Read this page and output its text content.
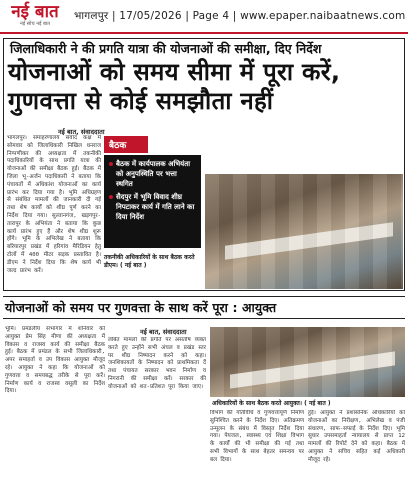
नई बात
नई सोच नई बात
भागलपुर | 17/05/2026 | Page 4 | www.epaper.naibaatnews.com
जिलाधिकारी ने की प्रगति यात्रा की योजनाओं की समीक्षा, दिए निर्देश
योजनाओं को समय सीमा में पूरा करें, गुणवत्ता से कोई समझौता नहीं
नई बात, संवाददाता
भागलपुर। समाहरणालय संवाद कक्ष में सोमवार को जिलाधिकारी निखिल धनराज निप्पणीकर की अध्यक्षता में तकनीकी पदाधिकारियों के साथ प्रगति यात्रा की योजनाओं की समीक्षा बैठक हुई। बैठक में जिला भू-अर्जन पदाधिकारी ने बताया कि पंचायतों में अधिकांश योजनाओं का कार्य प्रारंभ कर दिया गया है। भूमि अधिग्रहण से संबंधित मामलों की जानकारी दी गई तथा शेष कार्यों को शीघ्र पूर्ण करने का निर्देश दिया गया। सुल्तानगंज, खड़गपुर-तारापुर के अभियंता ने बताया कि कुछ कार्य प्रारंभ हुए हैं और शेष शीघ्र शुरू होंगे। भूमि के अभिलेख ने बताया कि बरियारपुर प्रखंड में हरिगांव मैरिडियन हेतु टोलों में 400 मीटर सड़क प्रस्तावित है। डीएम ने निर्देश दिया कि शेष कार्य भी जल्द प्रारंभ करें।
बैठक
बैठक में कार्यपालक अभियंता को अनुपस्थिति पर भत्ता स्थगित
सैदपुर में भूमि विवाद शीघ्र निपटाकर कार्य में गति लाने का दिया निर्देश
तकनीकी अधिकारियों के साथ बैठक करते डीएम। ( नई बात )
योजनाओं को समय पर गुणवत्ता के साथ करें पूरा : आयुक्त
नई बात, संवाददाता
भूमि। प्रमंडलीय सभागार में शनिवार को आयुक्त प्रेम सिंह मीणा की अध्यक्षता में विकास व राजस्व कार्य की समीक्षा बैठक हुई। बैठक में प्रमंडल के सभी जिलाधिकारी, अपर समाहर्ता व उप विकास आयुक्त मौजूद रहे। आयुक्त ने कहा कि योजनाओं को गुणवत्ता व समयबद्ध तरीके से पूरा करें। निर्माण कार्य व राजस्व वसूली का निर्देश दिया।
लंबित मामलों की प्रगति पर असंतोष व्यक्त करते हुए उन्होंने सभी अंचल व प्रखंड स्तर पर शीघ्र निष्पादन करने को कहा। जनशिकायतों के निष्पादन को प्राथमिकता दें तथा पंचायत सरकार भवन निर्माण व निगरानी की समीक्षा करें। सरकार की योजनाओं को शत-प्रतिशत पूरा किया जाए।
अधिकारियों के साथ बैठक करते आयुक्त। ( नई बात )
विभाग की गतिविधि व गुणवत्तापूर्ण निर्माण सुनिश्चित करने के निर्देश दिए। अतिक्रमण उन्मूलन के संबंध में विस्तृत निर्देश दिया गया। पेयजल, स्वास्थ्य एवं शिक्षा विभाग के कार्यों की भी समीक्षा की गई तथा सभी विभागों के साथ बेहतर समन्वय पर बल दिया।
हुई। आयुक्त ने प्रशासनिक अधिकारियों को योजनाओं का निरीक्षण, अभिलेख व पंजी संधारण, साफ-सफाई के निर्देश दिए। भूमि सुधार उपसमाहर्ता न्यायालय से प्राप्त 12 मामलों की रिपोर्ट देने को कहा। बैठक में आयुक्त ने सचिव सहित कई अधिकारी मौजूद रहे।
